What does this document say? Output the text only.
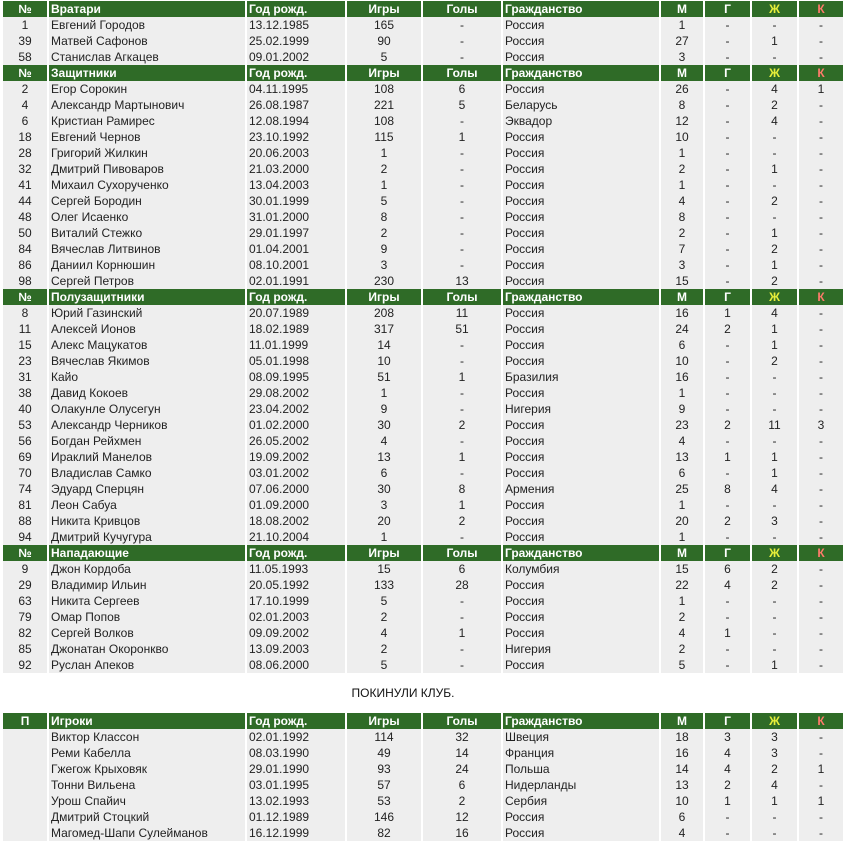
№	Вратари	Год рожд.	Игры	Голы	Гражданство	М	Г	Ж	К
1	Евгений Городов	13.12.1985	165	-	Россия	1	-	-	-
39	Матвей Сафонов	25.02.1999	90	-	Россия	27	-	1	-
58	Станислав Агкацев	09.01.2002	5	-	Россия	3	-	-	-
№	Защитники	Год рожд.	Игры	Голы	Гражданство	М	Г	Ж	К
2	Егор Сорокин	04.11.1995	108	6	Россия	26	-	4	1
4	Александр Мартынович	26.08.1987	221	5	Беларусь	8	-	2	-
6	Кристиан Рамирес	12.08.1994	108	-	Эквадор	12	-	4	-
18	Евгений Чернов	23.10.1992	115	1	Россия	10	-	-	-
28	Григорий Жилкин	20.06.2003	1	-	Россия	1	-	-	-
32	Дмитрий Пивоваров	21.03.2000	2	-	Россия	2	-	1	-
41	Михаил Сухорученко	13.04.2003	1	-	Россия	1	-	-	-
44	Сергей Бородин	30.01.1999	5	-	Россия	4	-	2	-
48	Олег Исаенко	31.01.2000	8	-	Россия	8	-	-	-
50	Виталий Стежко	29.01.1997	2	-	Россия	2	-	1	-
84	Вячеслав Литвинов	01.04.2001	9	-	Россия	7	-	2	-
86	Даниил Корнюшин	08.10.2001	3	-	Россия	3	-	1	-
98	Сергей Петров	02.01.1991	230	13	Россия	15	-	2	-
№	Полузащитники	Год рожд.	Игры	Голы	Гражданство	М	Г	Ж	К
8	Юрий Газинский	20.07.1989	208	11	Россия	16	1	4	-
11	Алексей Ионов	18.02.1989	317	51	Россия	24	2	1	-
15	Алекс Мацукатов	11.01.1999	14	-	Россия	6	-	1	-
23	Вячеслав Якимов	05.01.1998	10	-	Россия	10	-	2	-
31	Кайо	08.09.1995	51	1	Бразилия	16	-	-	-
38	Давид Кокоев	29.08.2002	1	-	Россия	1	-	-	-
40	Олакунле Олусегун	23.04.2002	9	-	Нигерия	9	-	-	-
53	Александр Черников	01.02.2000	30	2	Россия	23	2	11	3
56	Богдан Рейхмен	26.05.2002	4	-	Россия	4	-	-	-
69	Ираклий Манелов	19.09.2002	13	1	Россия	13	1	1	-
70	Владислав Самко	03.01.2002	6	-	Россия	6	-	1	-
74	Эдуард Сперцян	07.06.2000	30	8	Армения	25	8	4	-
81	Леон Сабуа	01.09.2000	3	1	Россия	1	-	-	-
88	Никита Кривцов	18.08.2002	20	2	Россия	20	2	3	-
94	Дмитрий Кучугура	21.10.2004	1	-	Россия	1	-	-	-
№	Нападающие	Год рожд.	Игры	Голы	Гражданство	М	Г	Ж	К
9	Джон Кордоба	11.05.1993	15	6	Колумбия	15	6	2	-
29	Владимир Ильин	20.05.1992	133	28	Россия	22	4	2	-
63	Никита Сергеев	17.10.1999	5	-	Россия	1	-	-	-
79	Омар Попов	02.01.2003	2	-	Россия	2	-	-	-
82	Сергей Волков	09.09.2002	4	1	Россия	4	1	-	-
85	Джонатан Окоронкво	13.09.2003	2	-	Нигерия	2	-	-	-
92	Руслан Апеков	08.06.2000	5	-	Россия	5	-	1	-
ПОКИНУЛИ КЛУБ.
П	Игроки	Год рожд.	Игры	Голы	Гражданство	М	Г	Ж	К
	Виктор Классон	02.01.1992	114	32	Швеция	18	3	3	-
	Реми Кабелла	08.03.1990	49	14	Франция	16	4	3	-
	Гжегож Крыховяк	29.01.1990	93	24	Польша	14	4	2	1
	Тонни Вильена	03.01.1995	57	6	Нидерланды	13	2	4	-
	Урош Спайич	13.02.1993	53	2	Сербия	10	1	1	1
	Дмитрий Стоцкий	01.12.1989	146	12	Россия	6	-	-	-
	Магомед-Шапи Сулейманов	16.12.1999	82	16	Россия	4	-	-	-
